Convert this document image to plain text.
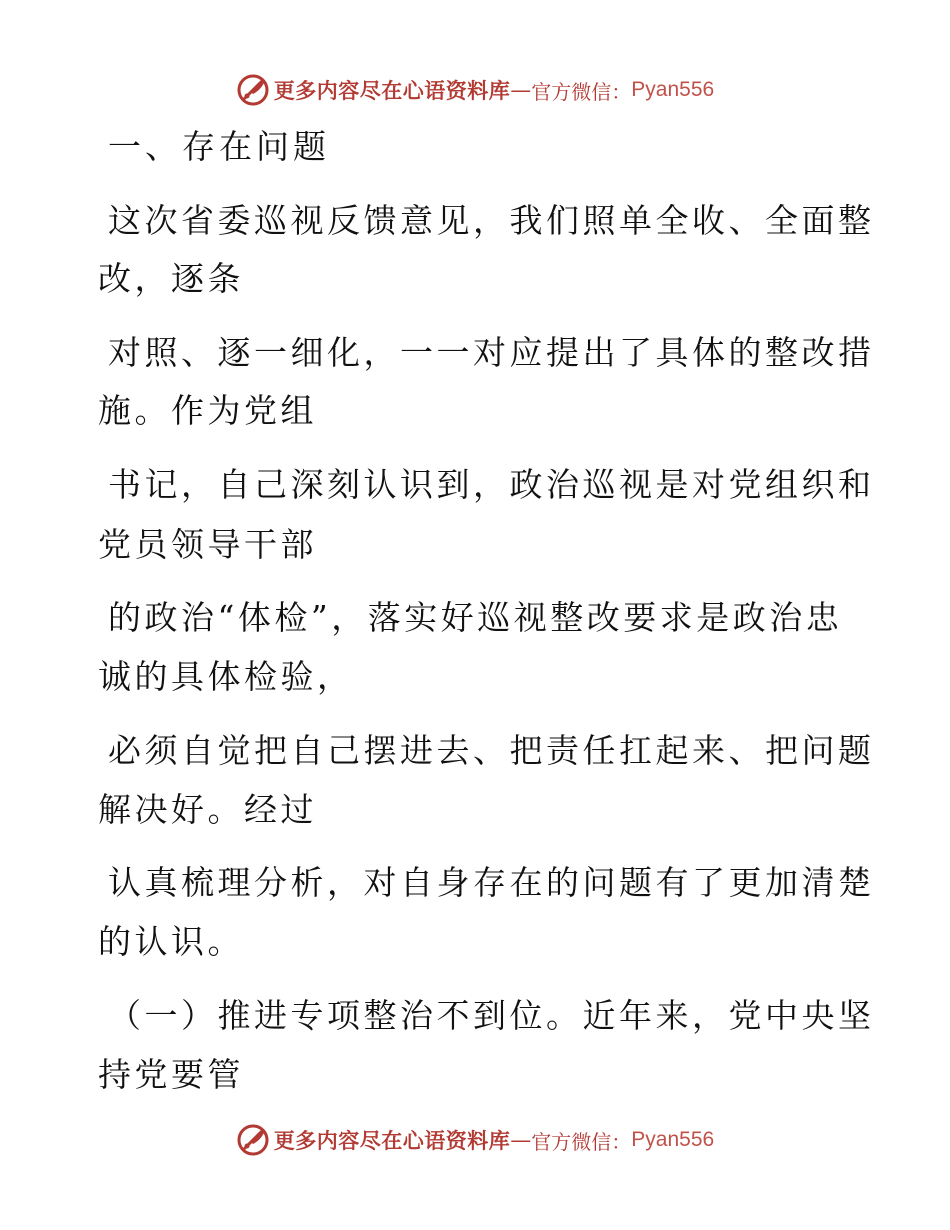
更多内容尽在心语资料库 — 官方微信： Pyan556
一、存在问题
这次省委巡视反馈意见，我们照单全收、全面整
改，逐条
对照、逐一细化，一一对应提出了具体的整改措
施。作为党组
书记，自己深刻认识到，政治巡视是对党组织和
党员领导干部
的政治“体检”，落实好巡视整改要求是政治忠
诚的具体检验，
必须自觉把自己摆进去、把责任扛起来、把问题
解决好。经过
认真梳理分析，对自身存在的问题有了更加清楚
的认识。
（一）推进专项整治不到位。近年来，党中央坚
持党要管
更多内容尽在心语资料库 — 官方微信： Pyan556
